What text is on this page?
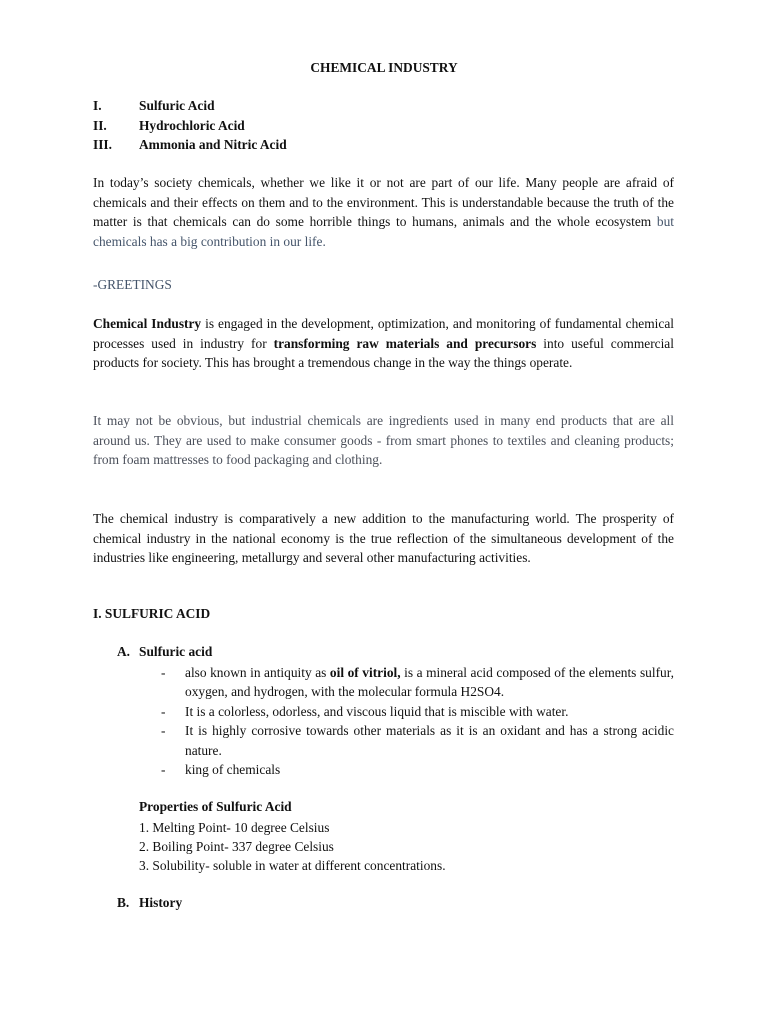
CHEMICAL INDUSTRY
I.	Sulfuric Acid
II. Hydrochloric Acid
III. Ammonia and Nitric Acid

In today’s society chemicals, whether we like it or not are part of our life. Many people are afraid of chemicals and their effects on them and to the environment. This is understandable because the truth of the matter is that chemicals can do some horrible things to humans, animals and the whole ecosystem but chemicals has a big contribution in our life.

-GREETINGS

Chemical Industry is engaged in the development, optimization, and monitoring of fundamental chemical processes used in industry for transforming raw materials and precursors into useful commercial products for society. This has brought a tremendous change in the way the things operate.

It may not be obvious, but industrial chemicals are ingredients used in many end products that are all around us. They are used to make consumer goods - from smart phones to textiles and cleaning products; from foam mattresses to food packaging and clothing.

The chemical industry is comparatively a new addition to the manufacturing world. The prosperity of chemical industry in the national economy is the true reflection of the simultaneous development of the industries like engineering, metallurgy and several other manufacturing activities.

I. SULFURIC ACID
A. Sulfuric acid
- also known in antiquity as oil of vitriol, is a mineral acid composed of the elements sulfur, oxygen, and hydrogen, with the molecular formula H2SO4.
- It is a colorless, odorless, and viscous liquid that is miscible with water.
- It is highly corrosive towards other materials as it is an oxidant and has a strong acidic nature.
- king of chemicals
Properties of Sulfuric Acid
1. Melting Point- 10 degree Celsius
2. Boiling Point- 337 degree Celsius
3. Solubility- soluble in water at different concentrations.
B. History
